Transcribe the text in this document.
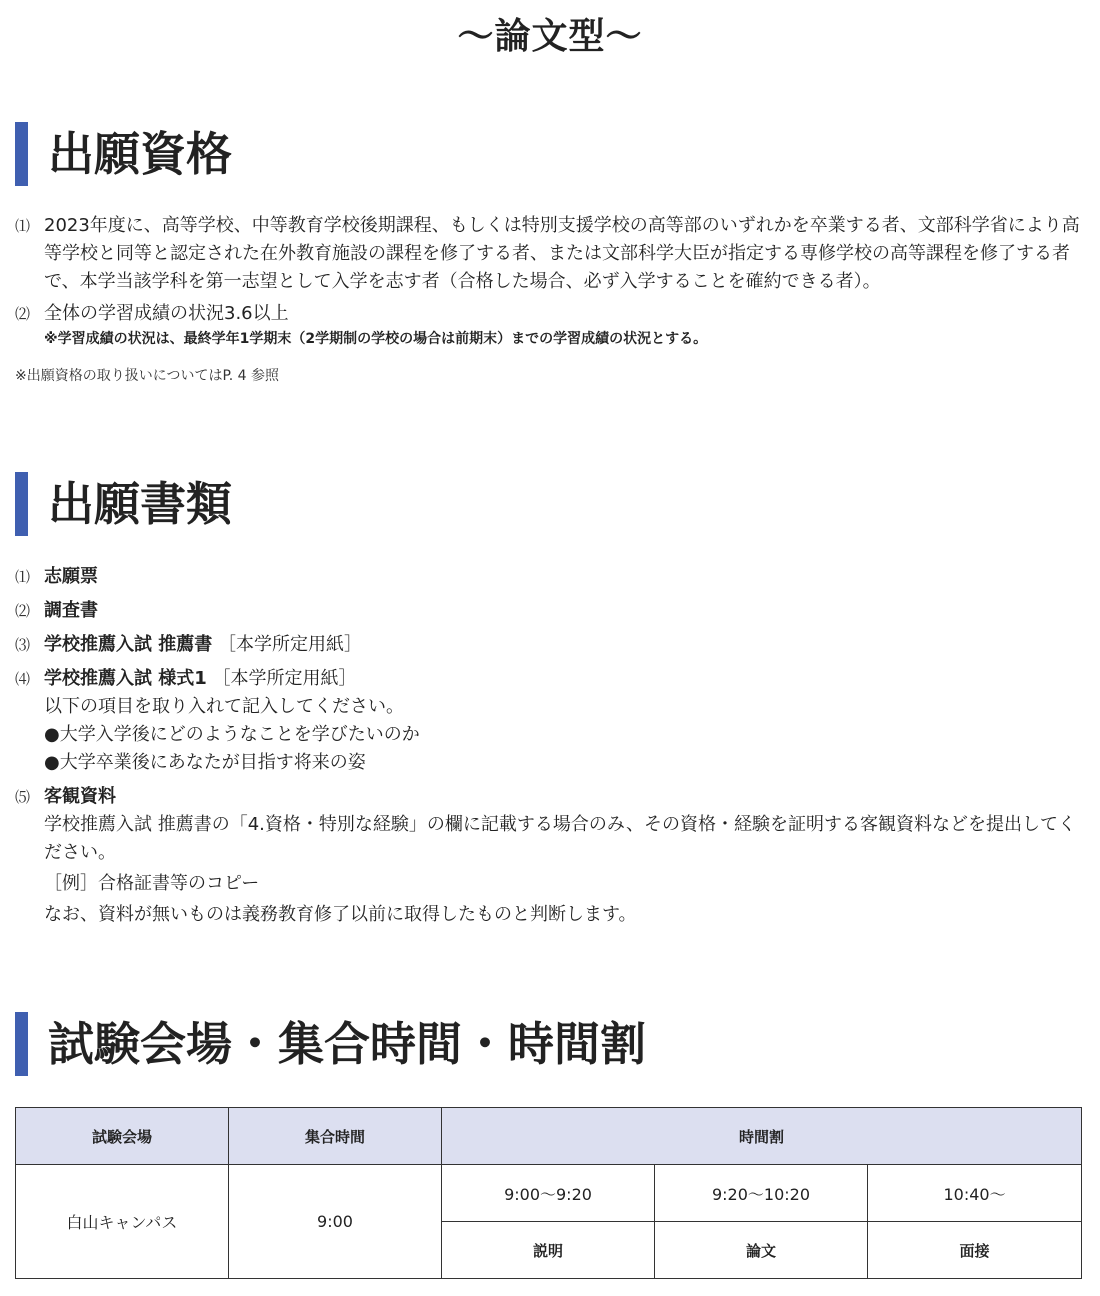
〜論文型〜
出願資格
⑴ 2023年度に、高等学校、中等教育学校後期課程、もしくは特別支援学校の高等部のいずれかを卒業する者、文部科学省により高等学校と同等と認定された在外教育施設の課程を修了する者、または文部科学大臣が指定する専修学校の高等課程を修了する者で、本学当該学科を第一志望として入学を志す者（合格した場合、必ず入学することを確約できる者）。
⑵ 全体の学習成績の状況3.6以上
※学習成績の状況は、最終学年1学期末（2学期制の学校の場合は前期末）までの学習成績の状況とする。
※出願資格の取り扱いについてはP. 4 参照
出願書類
⑴ 志願票
⑵ 調査書
⑶ 学校推薦入試 推薦書 ［本学所定用紙］
⑷ 学校推薦入試 様式1 ［本学所定用紙］
以下の項目を取り入れて記入してください。
●大学入学後にどのようなことを学びたいのか
●大学卒業後にあなたが目指す将来の姿
⑸ 客観資料
学校推薦入試 推薦書の「4.資格・特別な経験」の欄に記載する場合のみ、その資格・経験を証明する客観資料などを提出してください。
［例］合格証書等のコピー
なお、資料が無いものは義務教育修了以前に取得したものと判断します。
試験会場・集合時間・時間割
試験会場	集合時間	時間割		
白山キャンパス	9:00	9:00〜9:20	9:20〜10:20	10:40〜
		説明	論文	面接
